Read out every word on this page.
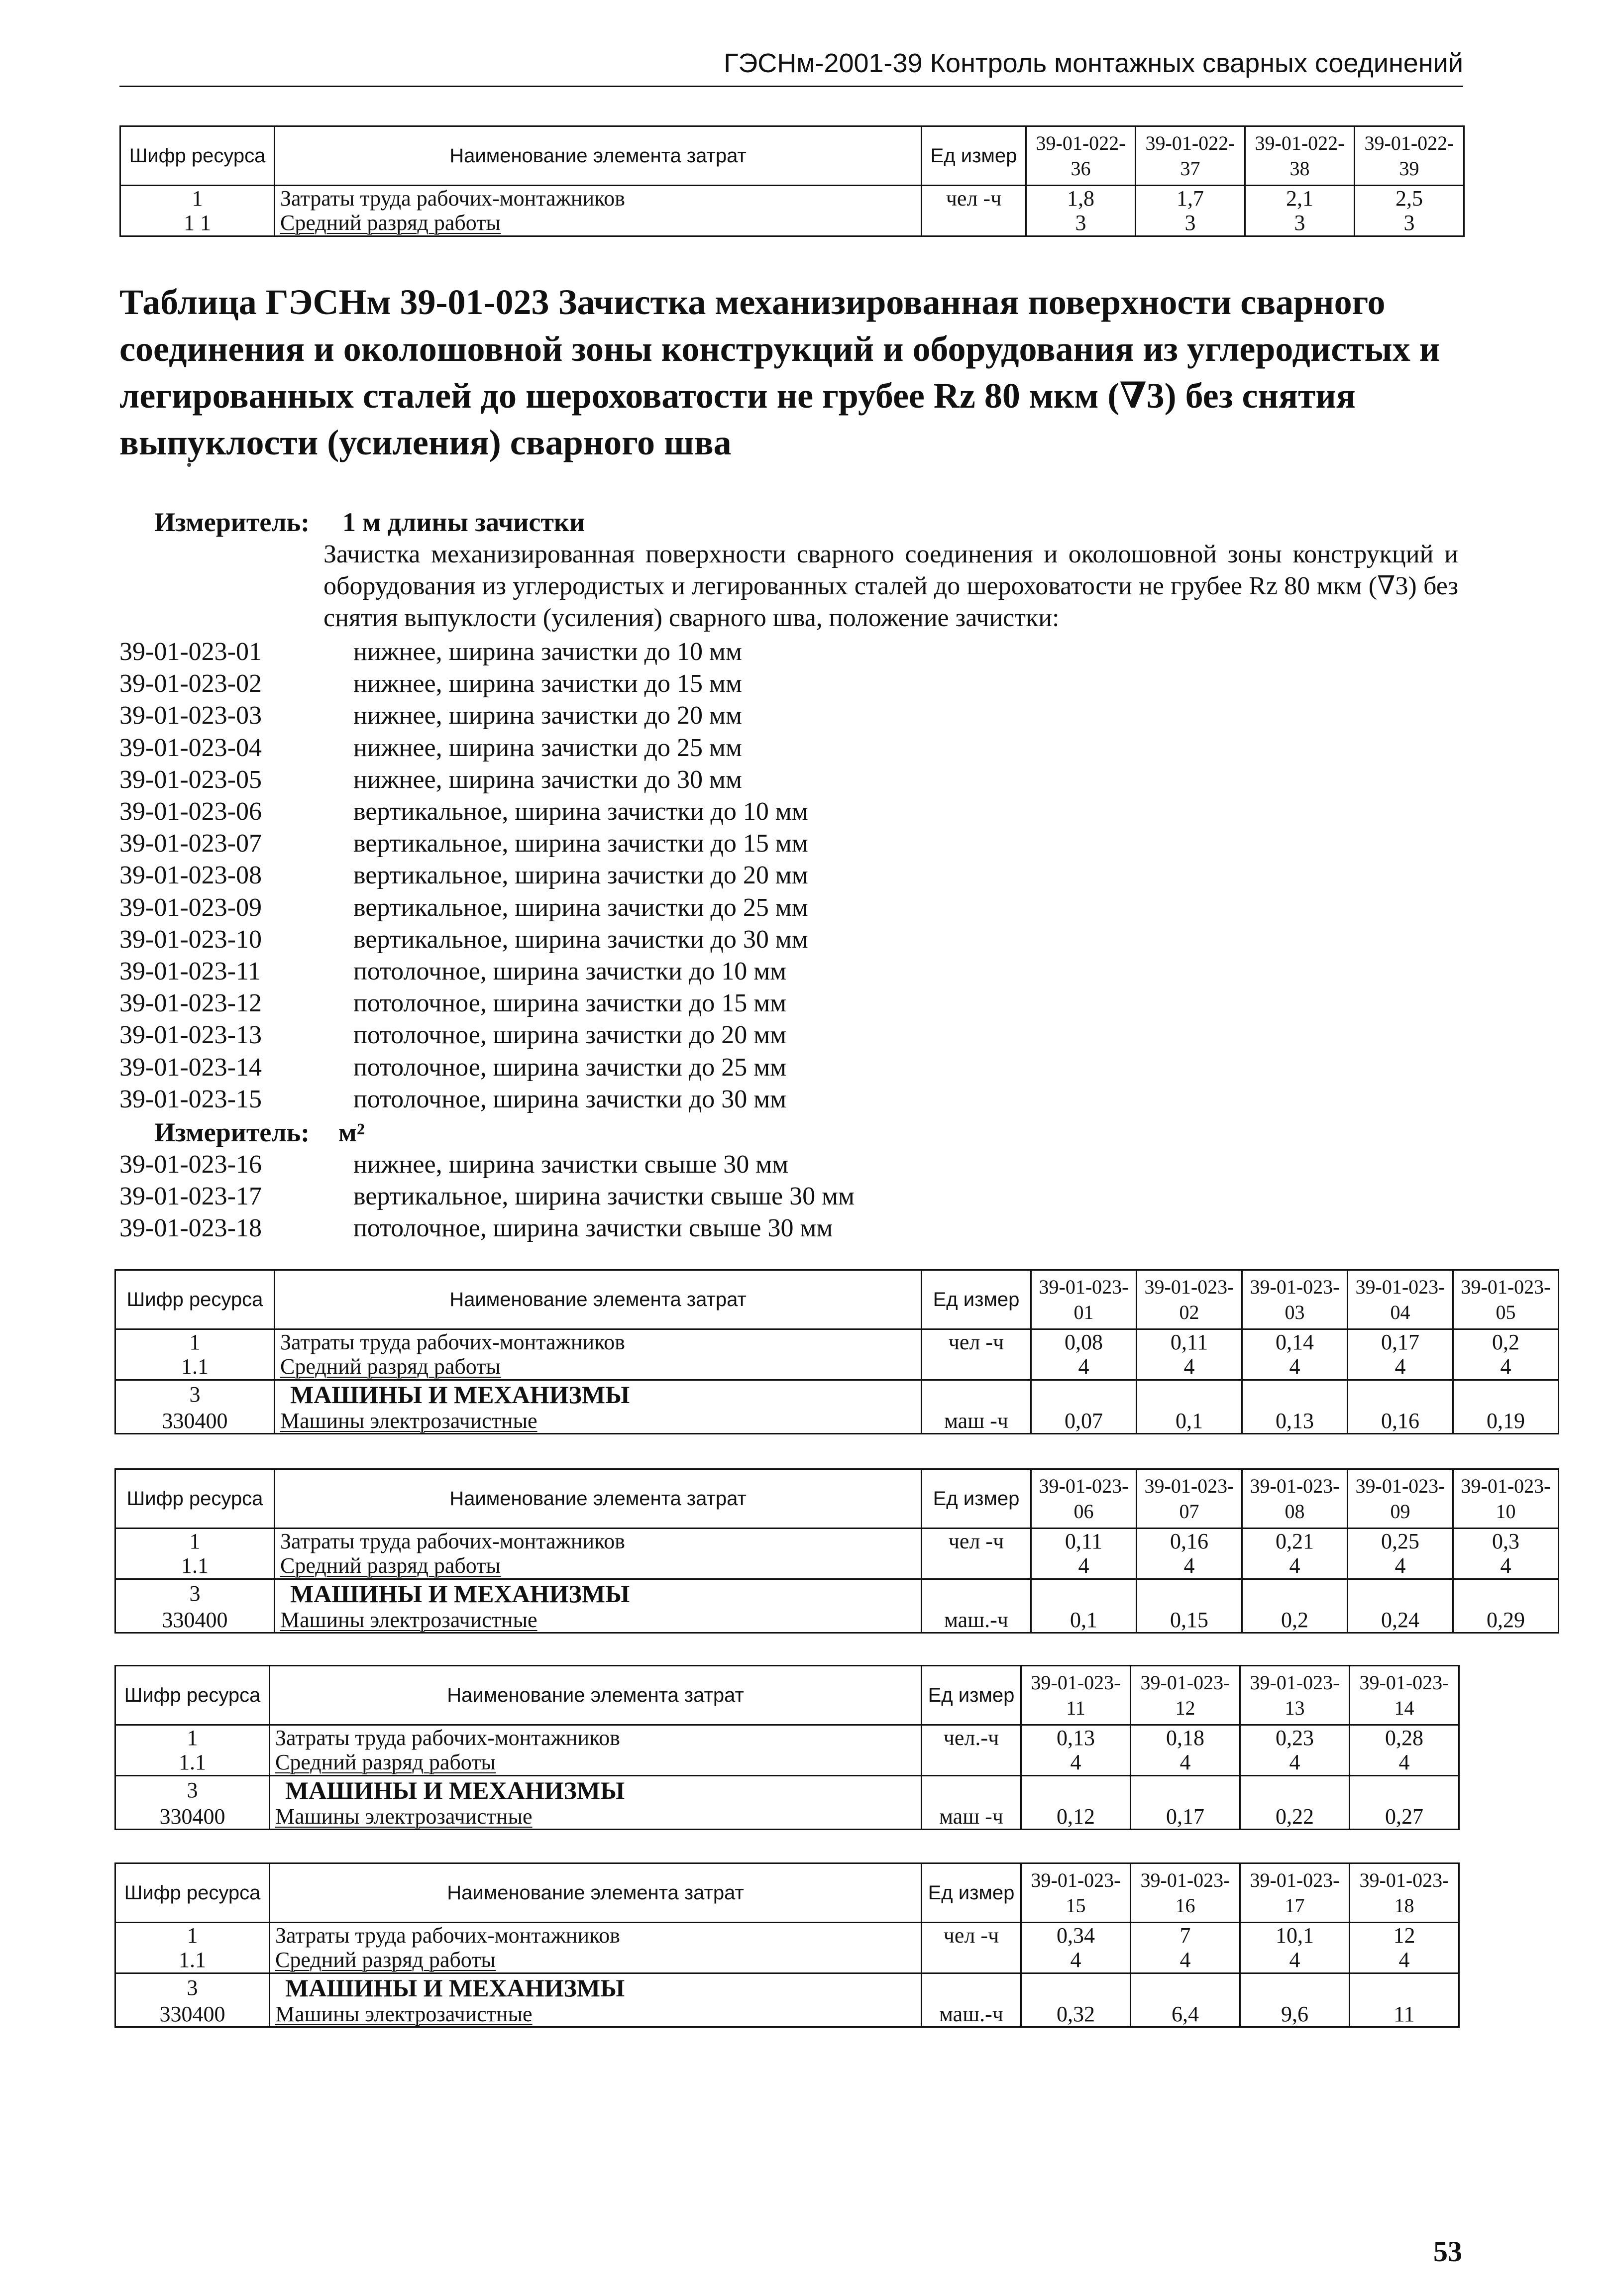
ГЭСНм-2001-39 Контроль монтажных сварных соединений
Шифр ресурса	Наименование элемента затрат	Ед измер	39-01-022-36	39-01-022-37	39-01-022-38	39-01-022-39
1	Затраты труда рабочих-монтажников	чел -ч	1,8	1,7	2,1	2,5
1 1	Средний разряд работы		3	3	3	3
Таблица ГЭСНм 39-01-023 Зачистка механизированная поверхности сварного соединения и околошовной зоны конструкций и оборудования из углеродистых и легированных сталей до шероховатости не грубее Rz 80 мкм (∇3) без снятия выпуклости (усиления) сварного шва
Измеритель: 1 м длины зачистки
Зачистка механизированная поверхности сварного соединения и околошовной зоны конструкций и оборудования из углеродистых и легированных сталей до шероховатости не грубее Rz 80 мкм (∇3) без снятия выпуклости (усиления) сварного шва, положение зачистки:
39-01-023-01	нижнее, ширина зачистки до 10 мм
39-01-023-02	нижнее, ширина зачистки до 15 мм
39-01-023-03	нижнее, ширина зачистки до 20 мм
39-01-023-04	нижнее, ширина зачистки до 25 мм
39-01-023-05	нижнее, ширина зачистки до 30 мм
39-01-023-06	вертикальное, ширина зачистки до 10 мм
39-01-023-07	вертикальное, ширина зачистки до 15 мм
39-01-023-08	вертикальное, ширина зачистки до 20 мм
39-01-023-09	вертикальное, ширина зачистки до 25 мм
39-01-023-10	вертикальное, ширина зачистки до 30 мм
39-01-023-11	потолочное, ширина зачистки до 10 мм
39-01-023-12	потолочное, ширина зачистки до 15 мм
39-01-023-13	потолочное, ширина зачистки до 20 мм
39-01-023-14	потолочное, ширина зачистки до 25 мм
39-01-023-15	потолочное, ширина зачистки до 30 мм
Измеритель: м²
39-01-023-16	нижнее, ширина зачистки свыше 30 мм
39-01-023-17	вертикальное, ширина зачистки свыше 30 мм
39-01-023-18	потолочное, ширина зачистки свыше 30 мм
Шифр ресурса	Наименование элемента затрат	Ед измер	39-01-023-01	39-01-023-02	39-01-023-03	39-01-023-04	39-01-023-05
1	Затраты труда рабочих-монтажников	чел -ч	0,08	0,11	0,14	0,17	0,2
1.1	Средний разряд работы		4	4	4	4	4
3	МАШИНЫ И МЕХАНИЗМЫ						
330400	Машины электрозачистные	маш -ч	0,07	0,1	0,13	0,16	0,19
Шифр ресурса	Наименование элемента затрат	Ед измер	39-01-023-06	39-01-023-07	39-01-023-08	39-01-023-09	39-01-023-10
1	Затраты труда рабочих-монтажников	чел -ч	0,11	0,16	0,21	0,25	0,3
1.1	Средний разряд работы		4	4	4	4	4
3	МАШИНЫ И МЕХАНИЗМЫ						
330400	Машины электрозачистные	маш.-ч	0,1	0,15	0,2	0,24	0,29
Шифр ресурса	Наименование элемента затрат	Ед измер	39-01-023-11	39-01-023-12	39-01-023-13	39-01-023-14
1	Затраты труда рабочих-монтажников	чел.-ч	0,13	0,18	0,23	0,28
1.1	Средний разряд работы		4	4	4	4
3	МАШИНЫ И МЕХАНИЗМЫ					
330400	Машины электрозачистные	маш -ч	0,12	0,17	0,22	0,27
Шифр ресурса	Наименование элемента затрат	Ед измер	39-01-023-15	39-01-023-16	39-01-023-17	39-01-023-18
1	Затраты труда рабочих-монтажников	чел -ч	0,34	7	10,1	12
1.1	Средний разряд работы		4	4	4	4
3	МАШИНЫ И МЕХАНИЗМЫ					
330400	Машины электрозачистные	маш.-ч	0,32	6,4	9,6	11
53
